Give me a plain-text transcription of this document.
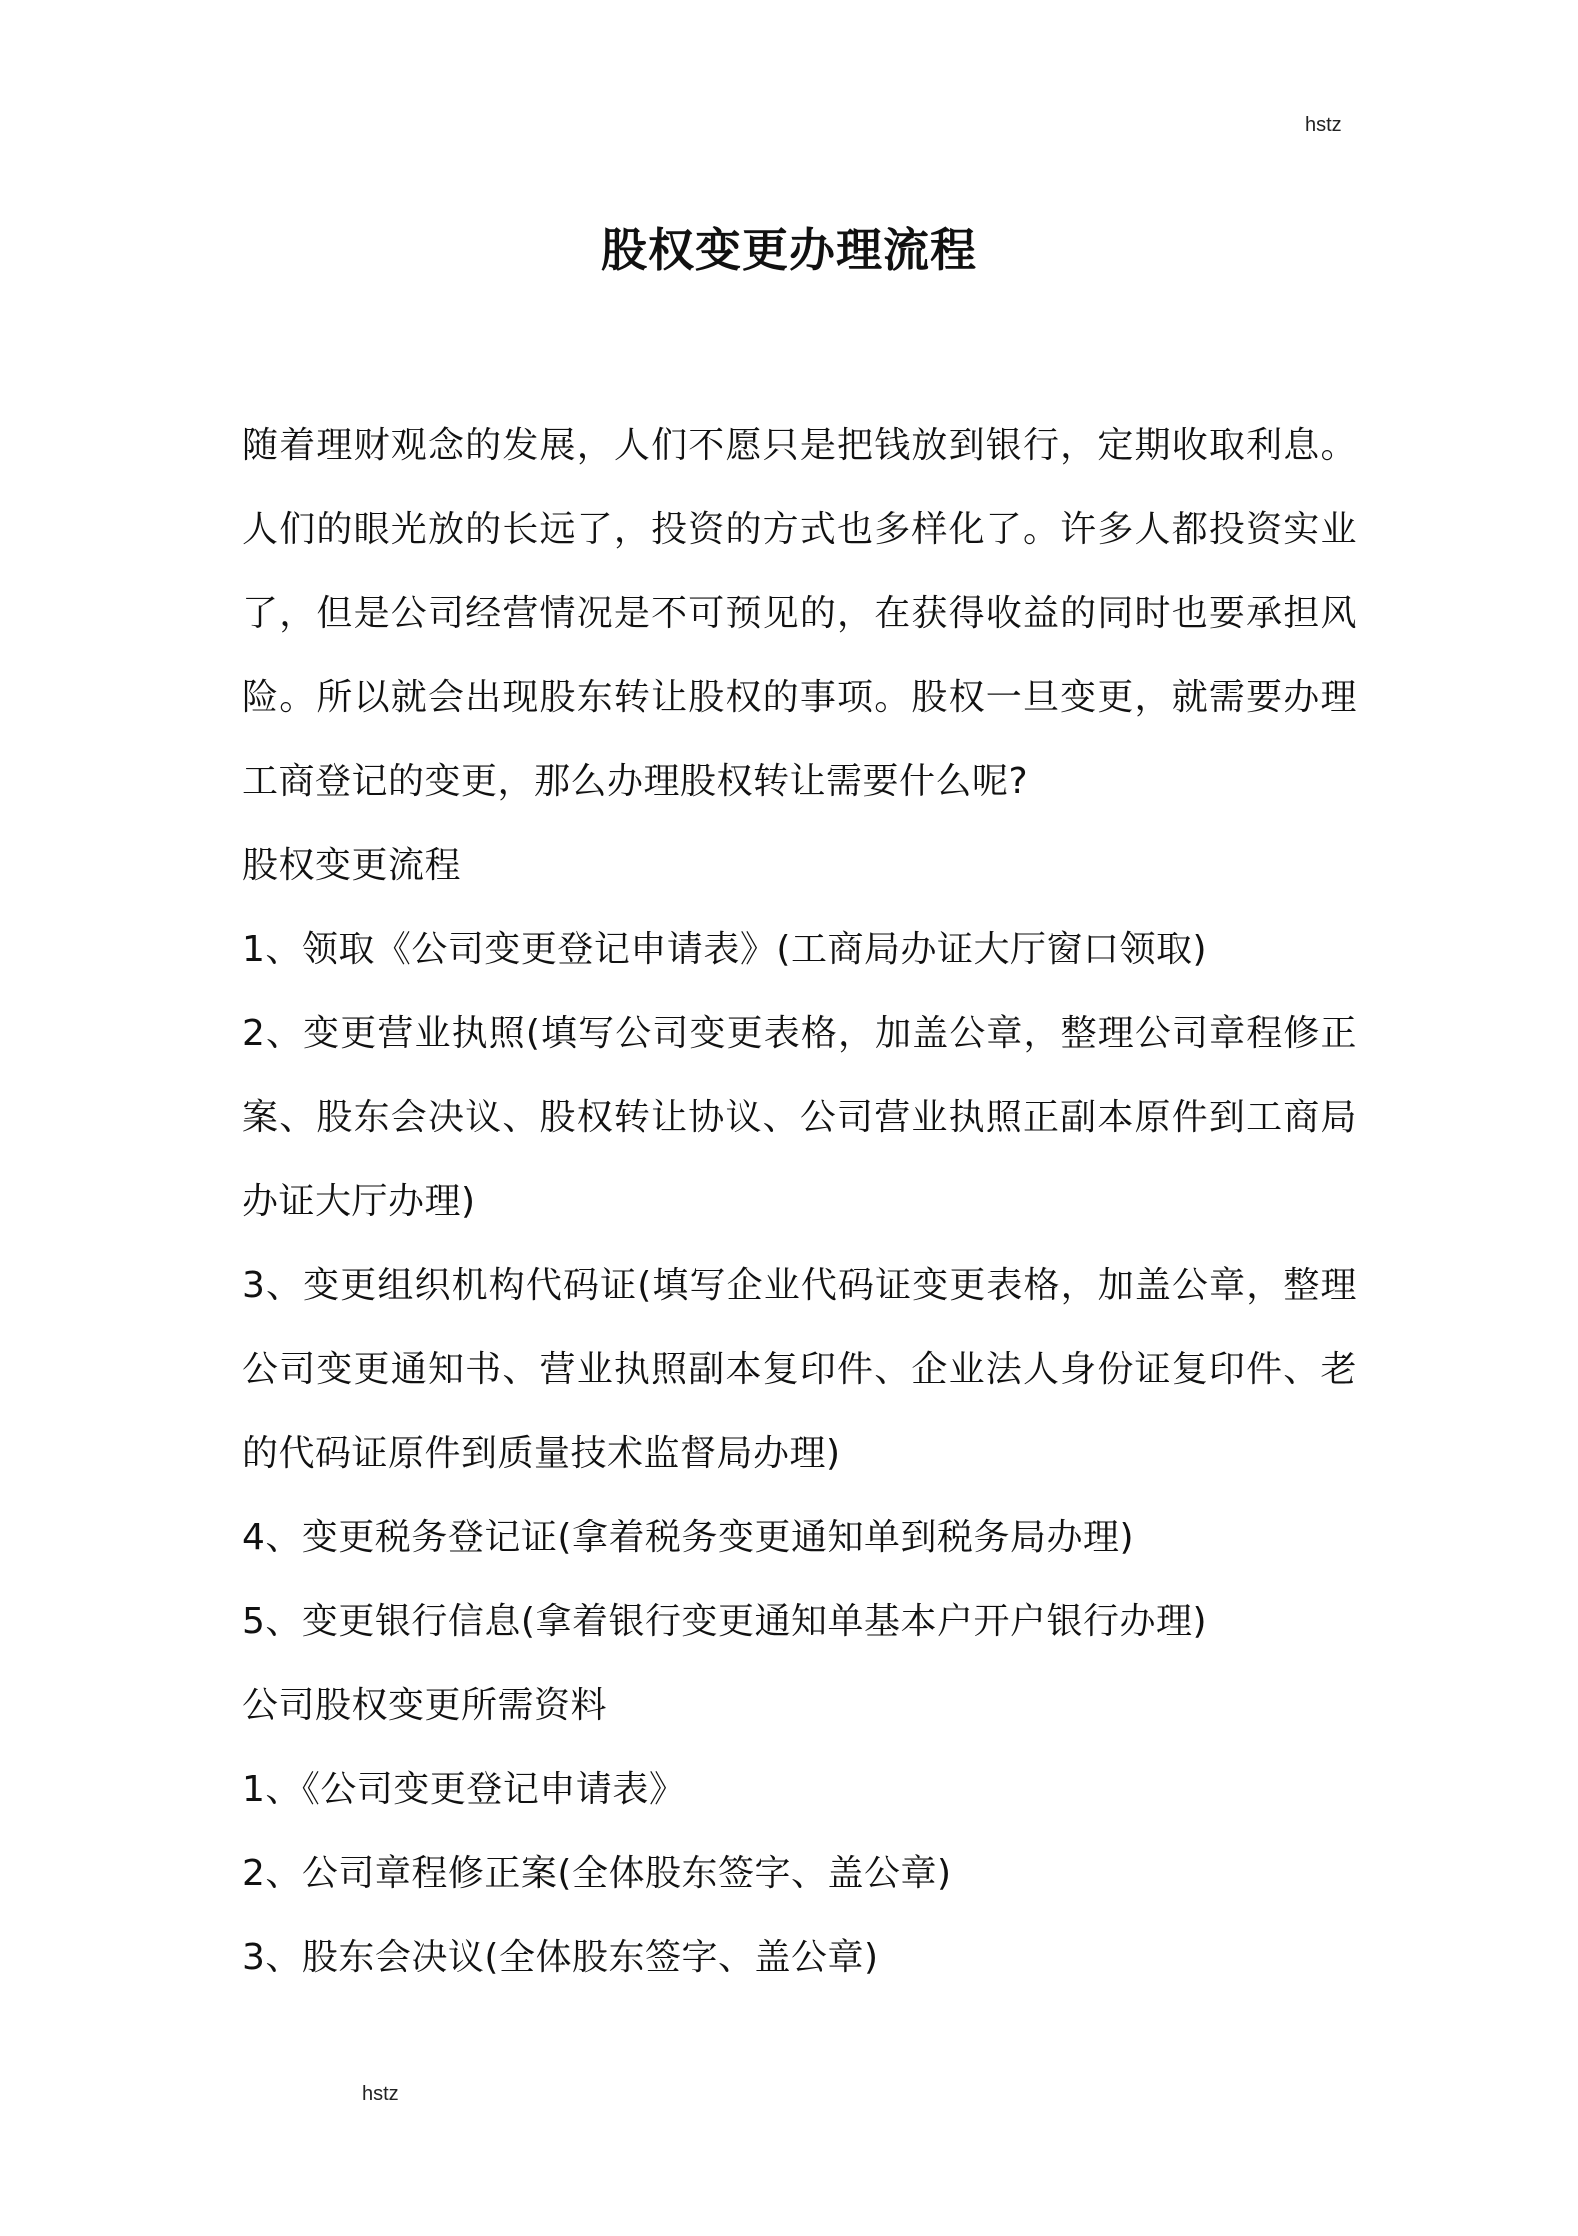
hstz
股权变更办理流程

随着理财观念的发展，人们不愿只是把钱放到银行，定期收取利息。人们的眼光放的长远了，投资的方式也多样化了。许多人都投资实业了，但是公司经营情况是不可预见的，在获得收益的同时也要承担风险。所以就会出现股东转让股权的事项。股权一旦变更，就需要办理工商登记的变更，那么办理股权转让需要什么呢?

股权变更流程

1、领取《公司变更登记申请表》(工商局办证大厅窗口领取)

2、变更营业执照(填写公司变更表格，加盖公章，整理公司章程修正案、股东会决议、股权转让协议、公司营业执照正副本原件到工商局办证大厅办理)

3、变更组织机构代码证(填写企业代码证变更表格，加盖公章，整理公司变更通知书、营业执照副本复印件、企业法人身份证复印件、老的代码证原件到质量技术监督局办理)

4、变更税务登记证(拿着税务变更通知单到税务局办理)

5、变更银行信息(拿着银行变更通知单基本户开户银行办理)

公司股权变更所需资料

1、《公司变更登记申请表》

2、公司章程修正案(全体股东签字、盖公章)

3、股东会决议(全体股东签字、盖公章)

hstz
